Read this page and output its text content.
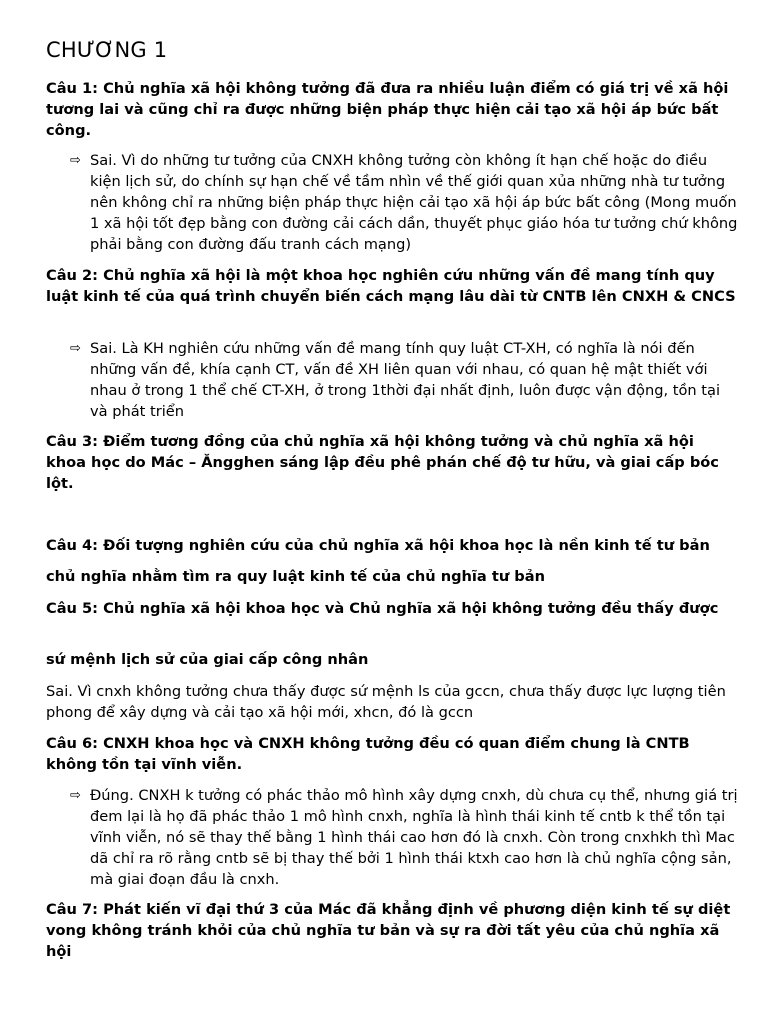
CHƯƠNG 1

Câu 1: Chủ nghĩa xã hội không tưởng đã đưa ra nhiều luận điểm có giá trị về xã hội tương lai và cũng chỉ ra được những biện pháp thực hiện cải tạo xã hội áp bức bất công.

⇨ Sai. Vì do những tư tưởng của CNXH không tưởng còn không ít hạn chế hoặc do điều kiện lịch sử, do chính sự hạn chế về tầm nhìn về thế giới quan xủa những nhà tư tưởng nên không chỉ ra những biện pháp thực hiện cải tạo xã hội áp bức bất công (Mong muốn 1 xã hội tốt đẹp bằng con đường cải cách dần, thuyết phục giáo hóa tư tưởng chứ không phải bằng con đường đấu tranh cách mạng)

Câu 2: Chủ nghĩa xã hội là một khoa học nghiên cứu những vấn đề mang tính quy luật kinh tế của quá trình chuyển biến cách mạng lâu dài từ CNTB lên CNXH & CNCS

⇨ Sai. Là KH nghiên cứu những vấn đề mang tính quy luật CT-XH, có nghĩa là nói đến những vấn đề, khía cạnh CT, vấn đề XH liên quan với nhau, có quan hệ mật thiết với nhau ở trong 1 thể chế CT-XH, ở trong 1thời đại nhất định, luôn được vận động, tồn tại và phát triển

Câu 3: Điểm tương đồng của chủ nghĩa xã hội không tưởng và chủ nghĩa xã hội khoa học do Mác – Ăngghen sáng lập đều phê phán chế độ tư hữu, và giai cấp bóc lột.

Câu 4: Đối tượng nghiên cứu của chủ nghĩa xã hội khoa học là nền kinh tế tư bản

chủ nghĩa nhằm tìm ra quy luật kinh tế của chủ nghĩa tư bản

Câu 5: Chủ nghĩa xã hội khoa học và Chủ nghĩa xã hội không tưởng đều thấy được

sứ mệnh lịch sử của giai cấp công nhân

Sai. Vì cnxh không tưởng chưa thấy được sứ mệnh ls của gccn, chưa thấy được lực lượng tiên phong để xây dựng và cải tạo xã hội mới, xhcn, đó là gccn

Câu 6: CNXH khoa học và CNXH không tưởng đều có quan điểm chung là CNTB không tồn tại vĩnh viễn.

⇨ Đúng. CNXH k tưởng có phác thảo mô hình xây dựng cnxh, dù chưa cụ thể, nhưng giá trị đem lại là họ đã phác thảo 1 mô hình cnxh, nghĩa là hình thái kinh tế cntb k thể tồn tại vĩnh viễn, nó sẽ thay thế bằng 1 hình thái cao hơn đó là cnxh. Còn trong cnxhkh thì Mac dã chỉ ra rõ rằng cntb sẽ bị thay thế bởi 1 hình thái ktxh cao hơn là chủ nghĩa cộng sản, mà giai đoạn đầu là cnxh.

Câu 7: Phát kiến vĩ đại thứ 3 của Mác đã khẳng định về phương diện kinh tế sự diệt vong không tránh khỏi của chủ nghĩa tư bản và sự ra đời tất yêu của chủ nghĩa xã hội
